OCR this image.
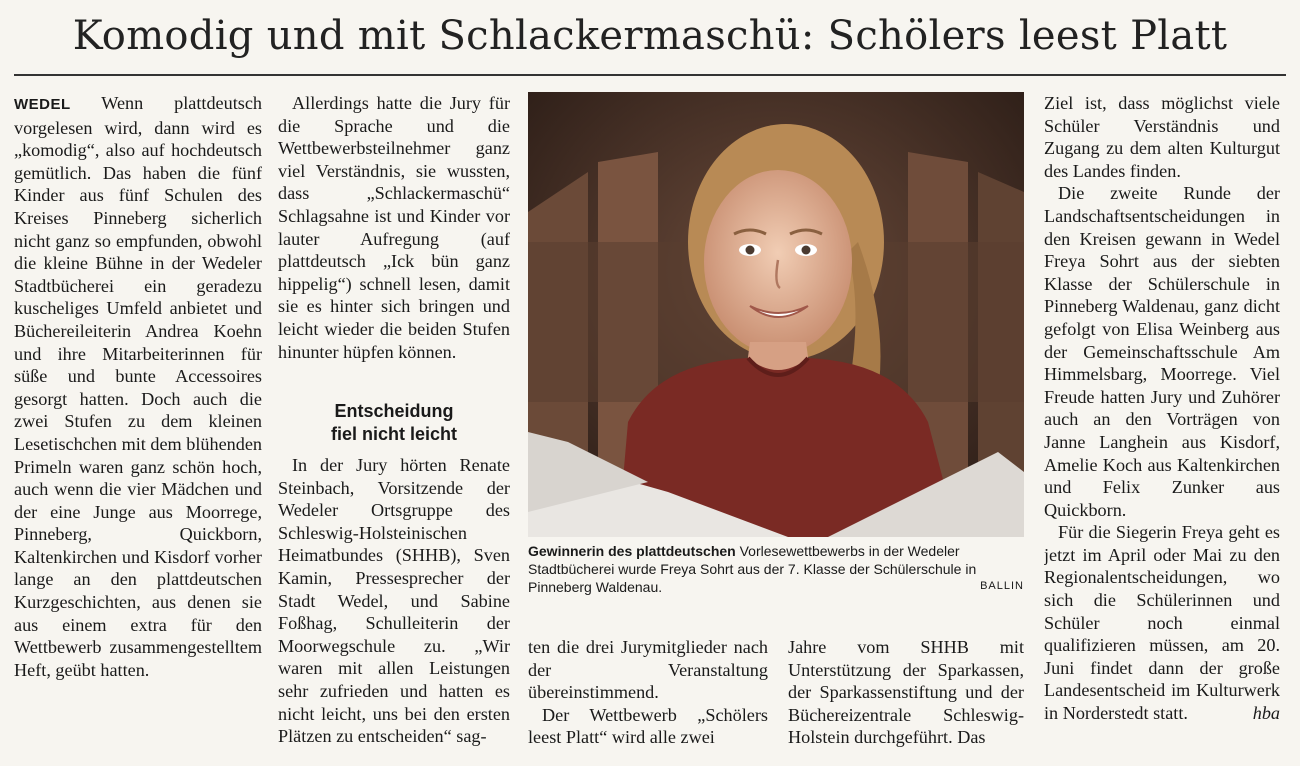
Komodig und mit Schlackermaschü: Schölers leest Platt

WEDEL Wenn plattdeutsch vorgelesen wird, dann wird es „komodig“, also auf hochdeutsch gemütlich. Das haben die fünf Kinder aus fünf Schulen des Kreises Pinneberg sicherlich nicht ganz so empfunden, obwohl die kleine Bühne in der Wedeler Stadtbücherei ein geradezu kuscheliges Umfeld anbietet und Büchereileiterin Andrea Koehn und ihre Mitarbeiterinnen für süße und bunte Accessoires gesorgt hatten. Doch auch die zwei Stufen zu dem kleinen Lesetischchen mit dem blühenden Primeln waren ganz schön hoch, auch wenn die vier Mädchen und der eine Junge aus Moorrege, Pinneberg, Quickborn, Kaltenkirchen und Kisdorf vorher lange an den plattdeutschen Kurzgeschichten, aus denen sie aus einem extra für den Wettbewerb zusammengestelltem Heft, geübt hatten.

Allerdings hatte die Jury für die Sprache und die Wettbewerbsteilnehmer ganz viel Verständnis, sie wussten, dass „Schlackermaschü“ Schlagsahne ist und Kinder vor lauter Aufregung (auf plattdeutsch „Ick bün ganz hippelig“) schnell lesen, damit sie es hinter sich bringen und leicht wieder die beiden Stufen hinunter hüpfen können.

Entscheidung
fiel nicht leicht

In der Jury hörten Renate Steinbach, Vorsitzende der Wedeler Ortsgruppe des Schleswig-Holsteinischen Heimatbundes (SHHB), Sven Kamin, Pressesprecher der Stadt Wedel, und Sabine Foßhag, Schulleiterin der Moorwegschule zu. „Wir waren mit allen Leistungen sehr zufrieden und hatten es nicht leicht, uns bei den ersten Plätzen zu entscheiden“ sag-

Gewinnerin des plattdeutschen Vorlesewettbewerbs in der Wedeler Stadtbücherei wurde Freya Sohrt aus der 7. Klasse der Schülerschule in Pinneberg Waldenau.	BALLIN

ten die drei Jurymitglieder nach der Veranstaltung übereinstimmend.

Der Wettbewerb „Schölers leest Platt“ wird alle zwei

Jahre vom SHHB mit Unterstützung der Sparkassen, der Sparkassenstiftung und der Büchereizentrale Schleswig-Holstein durchgeführt. Das

Ziel ist, dass möglichst viele Schüler Verständnis und Zugang zu dem alten Kulturgut des Landes finden.

Die zweite Runde der Landschaftsentscheidungen in den Kreisen gewann in Wedel Freya Sohrt aus der siebten Klasse der Schülerschule in Pinneberg Waldenau, ganz dicht gefolgt von Elisa Weinberg aus der Gemeinschaftsschule Am Himmelsbarg, Moorrege. Viel Freude hatten Jury und Zuhörer auch an den Vorträgen von Janne Langhein aus Kisdorf, Amelie Koch aus Kaltenkirchen und Felix Zunker aus Quickborn.

Für die Siegerin Freya geht es jetzt im April oder Mai zu den Regionalentscheidungen, wo sich die Schülerinnen und Schüler noch einmal qualifizieren müssen, am 20. Juni findet dann der große Landesentscheid im Kulturwerk in Norderstedt statt.	hba
